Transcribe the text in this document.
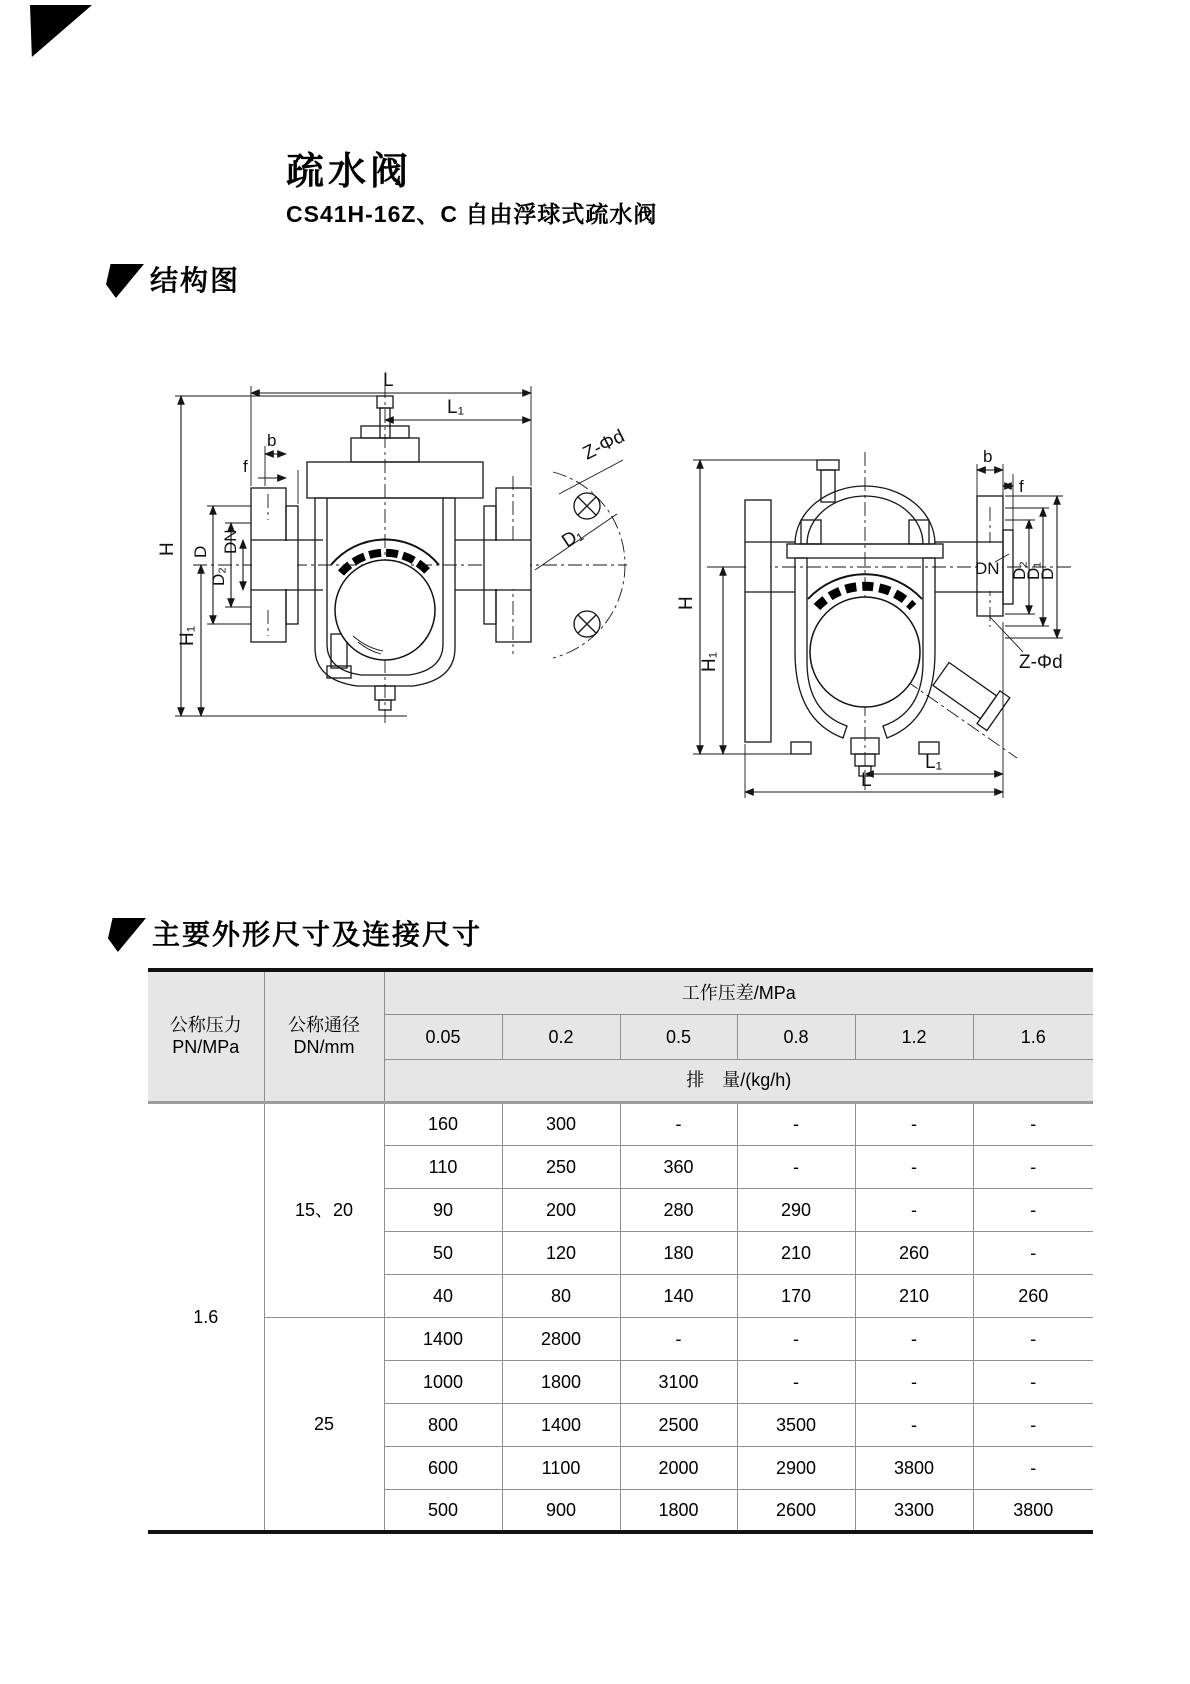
疏水阀
CS41H-16Z、C 自由浮球式疏水阀
结构图
L
L₁
H
H₁
D
D₂
DN
b
f
Z-Φd
D₁
H
H₁
b
f
D₂
D₁
D
DN
Z-Φd
L₁
L
主要外形尺寸及连接尺寸
公称压力
PN/MPa

公称通径
DN/mm
	工作压差/MPa
		0.05	0.2	0.5	0.8	1.2	1.6
		排　量/(kg/h)					
1.6	15、20	160	300	-	-	-	-
		110	250	360	-	-	-
		90	200	280	290	-	-
		50	120	180	210	260	-
		40	80	140	170	210	260
	25	1400	2800	-	-	-	-
		1000	1800	3100	-	-	-
		800	1400	2500	3500	-	-
		600	1100	2000	2900	3800	-
		500	900	1800	2600	3300	3800
